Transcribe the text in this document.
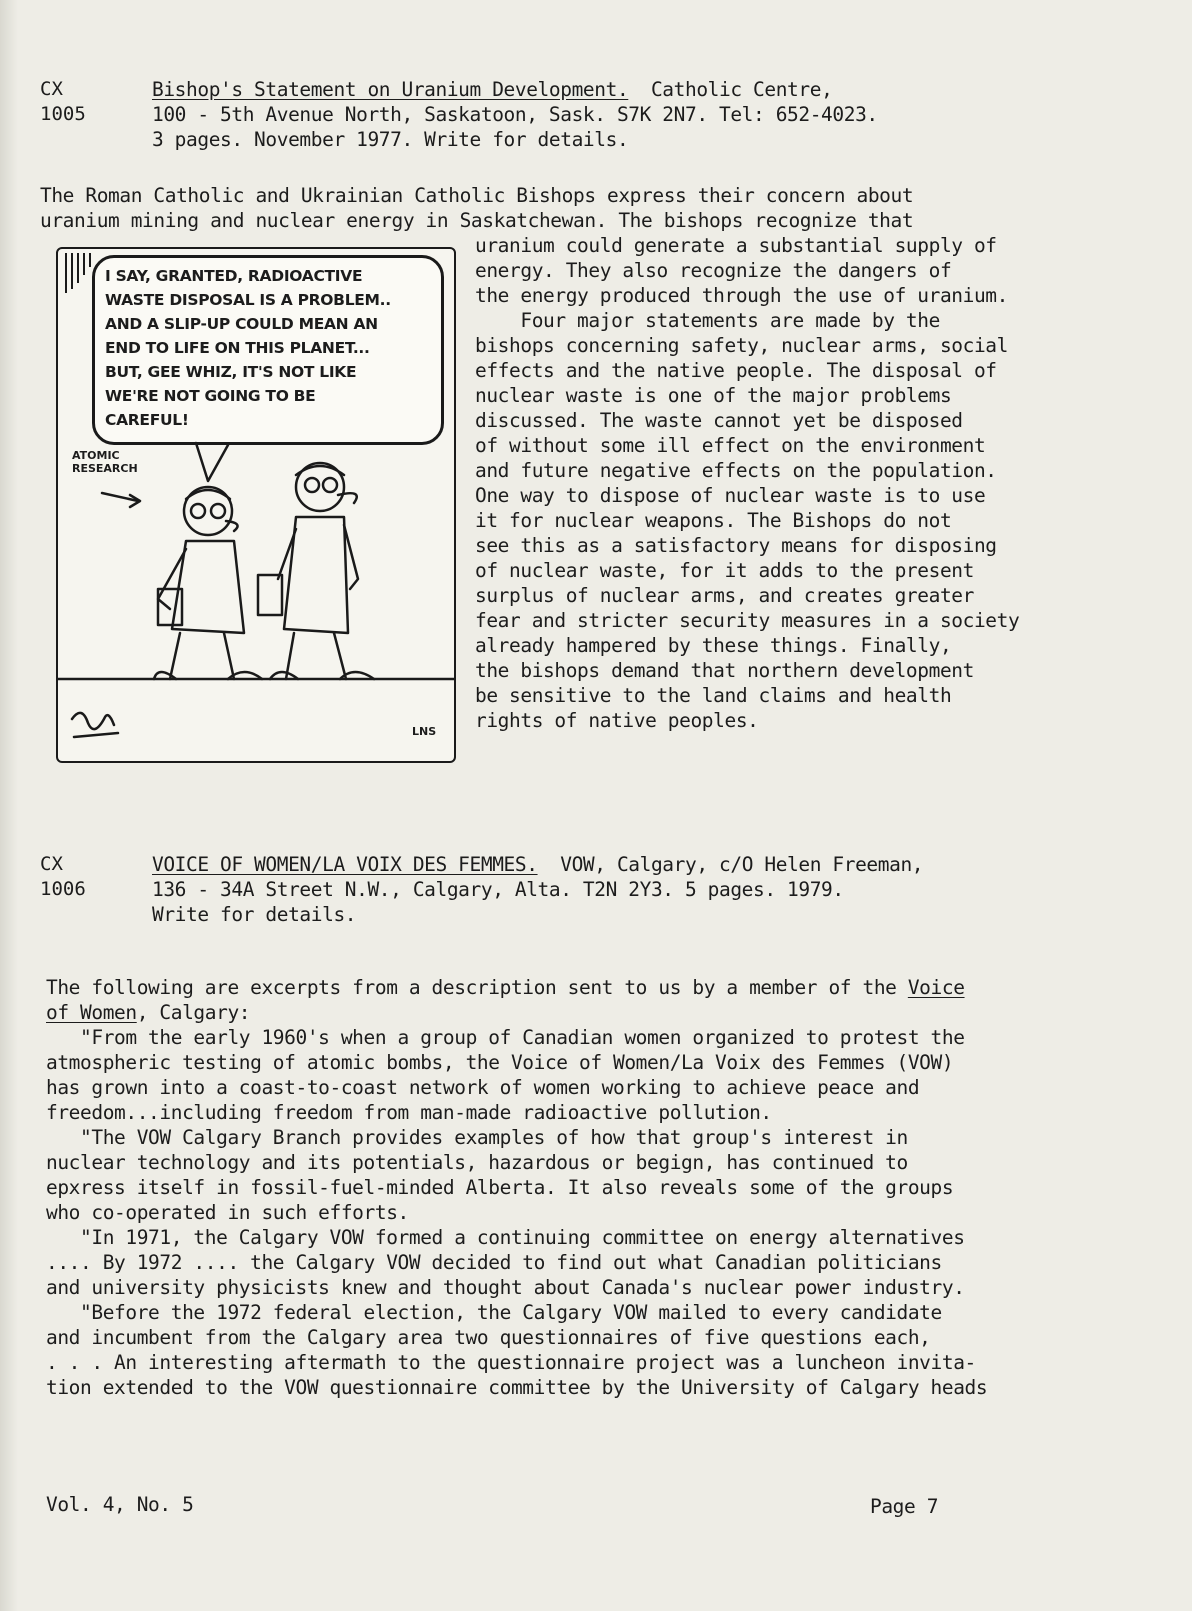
CX
1005
Bishop's Statement on Uranium Development. Catholic Centre,
100 - 5th Avenue North, Saskatoon, Sask. S7K 2N7. Tel: 652-4023.
3 pages. November 1977. Write for details.
The Roman Catholic and Ukrainian Catholic Bishops express their concern about
uranium mining and nuclear energy in Saskatchewan. The bishops recognize that
uranium could generate a substantial supply of
energy. They also recognize the dangers of
the energy produced through the use of uranium.
Four major statements are made by the
bishops concerning safety, nuclear arms, social
effects and the native people. The disposal of
nuclear waste is one of the major problems
discussed. The waste cannot yet be disposed
of without some ill effect on the environment
and future negative effects on the population.
One way to dispose of nuclear waste is to use
it for nuclear weapons. The Bishops do not
see this as a satisfactory means for disposing
of nuclear waste, for it adds to the present
surplus of nuclear arms, and creates greater
fear and stricter security measures in a society
already hampered by these things. Finally,
the bishops demand that northern development
be sensitive to the land claims and health
rights of native peoples.
I SAY, GRANTED, RADIOACTIVE
WASTE DISPOSAL IS A PROBLEM..
AND A SLIP-UP COULD MEAN AN
END TO LIFE ON THIS PLANET...
BUT, GEE WHIZ, IT'S NOT LIKE
WE'RE NOT GOING TO BE
CAREFUL!
ATOMIC
RESEARCH
LNS
CX
1006
VOICE OF WOMEN/LA VOIX DES FEMMES. VOW, Calgary, c/O Helen Freeman,
136 - 34A Street N.W., Calgary, Alta. T2N 2Y3. 5 pages. 1979.
Write for details.
The following are excerpts from a description sent to us by a member of the Voice
of Women, Calgary:
"From the early 1960's when a group of Canadian women organized to protest the
atmospheric testing of atomic bombs, the Voice of Women/La Voix des Femmes (VOW)
has grown into a coast-to-coast network of women working to achieve peace and
freedom...including freedom from man-made radioactive pollution.
"The VOW Calgary Branch provides examples of how that group's interest in
nuclear technology and its potentials, hazardous or begign, has continued to
epxress itself in fossil-fuel-minded Alberta. It also reveals some of the groups
who co-operated in such efforts.
"In 1971, the Calgary VOW formed a continuing committee on energy alternatives
.... By 1972 .... the Calgary VOW decided to find out what Canadian politicians
and university physicists knew and thought about Canada's nuclear power industry.
"Before the 1972 federal election, the Calgary VOW mailed to every candidate
and incumbent from the Calgary area two questionnaires of five questions each,
. . . An interesting aftermath to the questionnaire project was a luncheon invita-
tion extended to the VOW questionnaire committee by the University of Calgary heads
Vol. 4, No. 5	Page 7
